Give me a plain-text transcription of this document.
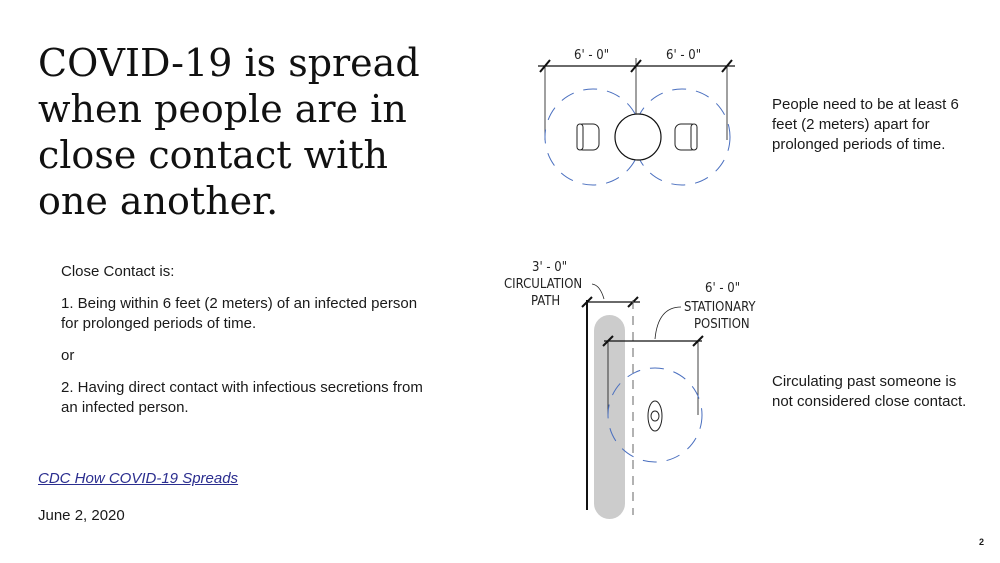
COVID-19 is spread
when people are in
close contact with
one another.

Close Contact is:

1. Being within 6 feet (2 meters) of an infected person for prolonged periods of time.

or

2. Having direct contact with infectious secretions from an infected person.

CDC How COVID-19 Spreads
June 2, 2020
6' - 0"	6' - 0"
People need to be at least 6 feet (2 meters) apart for prolonged periods of time.
3' - 0"
CIRCULATION
PATH
6' - 0"
STATIONARY
POSITION
Circulating past someone is not considered close contact.
2
